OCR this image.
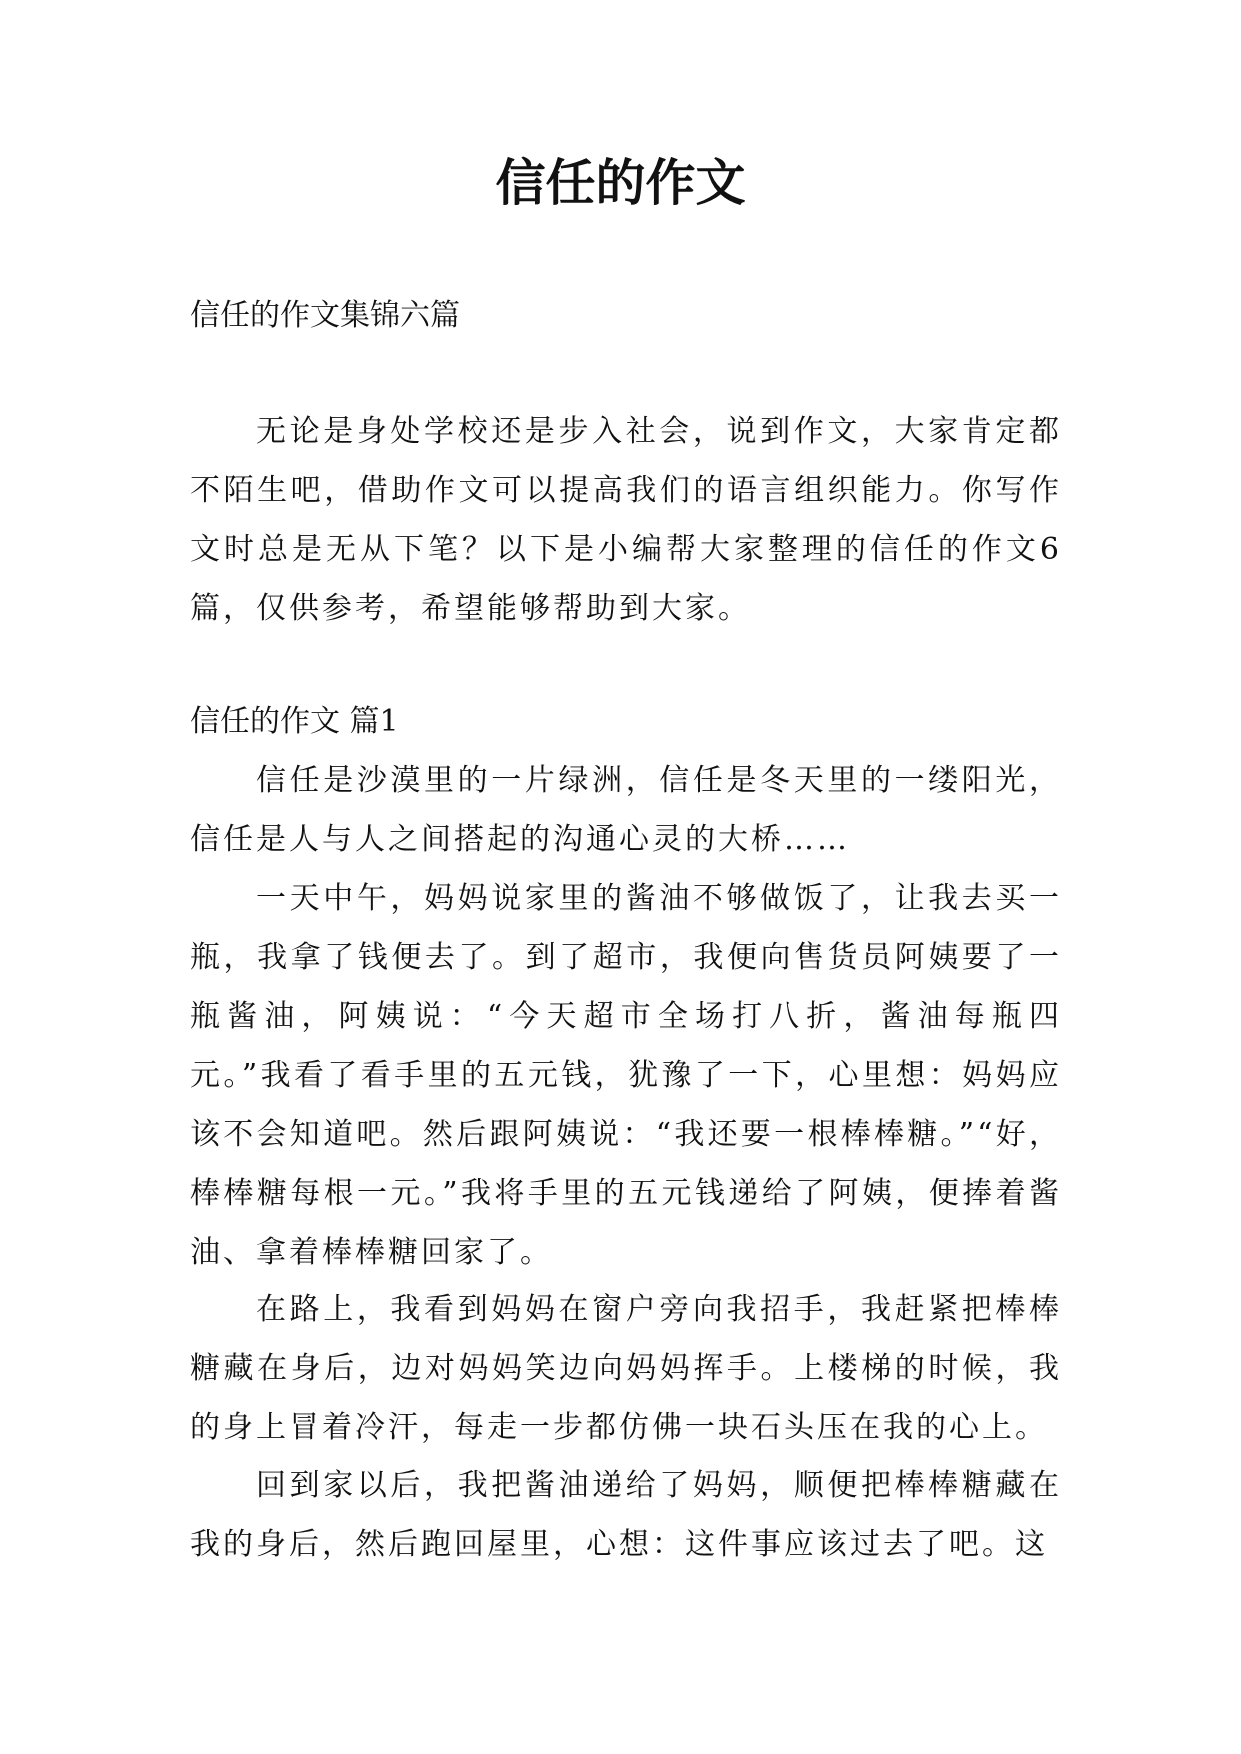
信任的作文

信任的作文集锦六篇

无论是身处学校还是步入社会，说到作文，大家肯定都不陌生吧，借助作文可以提高我们的语言组织能力。你写作文时总是无从下笔？以下是小编帮大家整理的信任的作文6篇，仅供参考，希望能够帮助到大家。

信任的作文 篇1

信任是沙漠里的一片绿洲，信任是冬天里的一缕阳光，信任是人与人之间搭起的沟通心灵的大桥……

一天中午，妈妈说家里的酱油不够做饭了，让我去买一瓶，我拿了钱便去了。到了超市，我便向售货员阿姨要了一瓶酱油，阿姨说：“今天超市全场打八折，酱油每瓶四元。”我看了看手里的五元钱，犹豫了一下，心里想：妈妈应该不会知道吧。然后跟阿姨说：“我还要一根棒棒糖。”“好，棒棒糖每根一元。”我将手里的五元钱递给了阿姨，便捧着酱油、拿着棒棒糖回家了。

在路上，我看到妈妈在窗户旁向我招手，我赶紧把棒棒糖藏在身后，边对妈妈笑边向妈妈挥手。上楼梯的时候，我的身上冒着冷汗，每走一步都仿佛一块石头压在我的心上。

回到家以后，我把酱油递给了妈妈，顺便把棒棒糖藏在我的身后，然后跑回屋里，心想：这件事应该过去了吧。这
